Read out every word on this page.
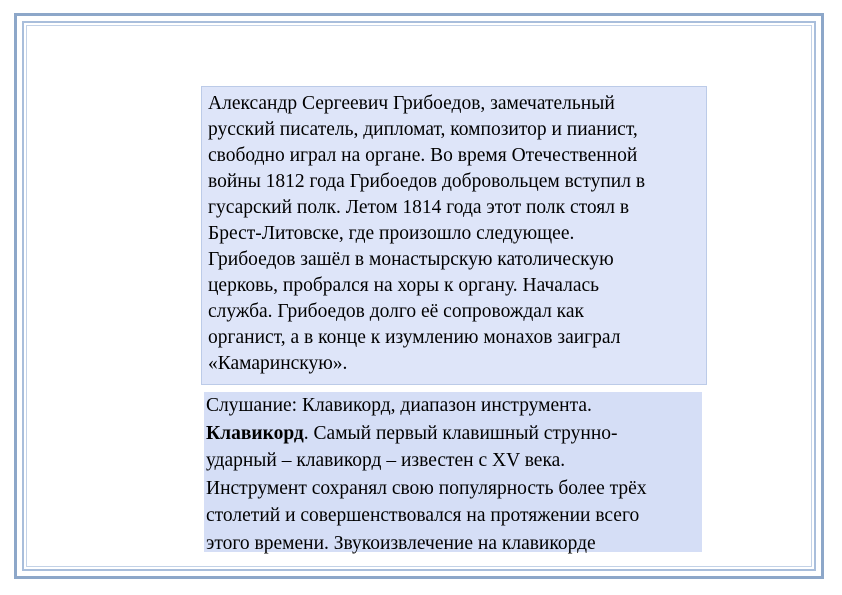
Александр Сергеевич Грибоедов, замечательный
русский писатель, дипломат, композитор и пианист,
свободно играл на органе. Во время Отечественной
войны 1812 года Грибоедов добровольцем вступил в
гусарский полк. Летом 1814 года этот полк стоял в
Брест-Литовске, где произошло следующее.
Грибоедов зашёл в монастырскую католическую
церковь, пробрался на хоры к органу. Началась
служба. Грибоедов долго её сопровождал как
органист, а в конце к изумлению монахов заиграл
«Камаринскую».
Слушание: Клавикорд, диапазон инструмента.
Клавикорд. Самый первый клавишный струнно-
ударный – клавикорд – известен с XV века.
Инструмент сохранял свою популярность более трёх
столетий и совершенствовался на протяжении всего
этого времени. Звукоизвлечение на клавикорде
